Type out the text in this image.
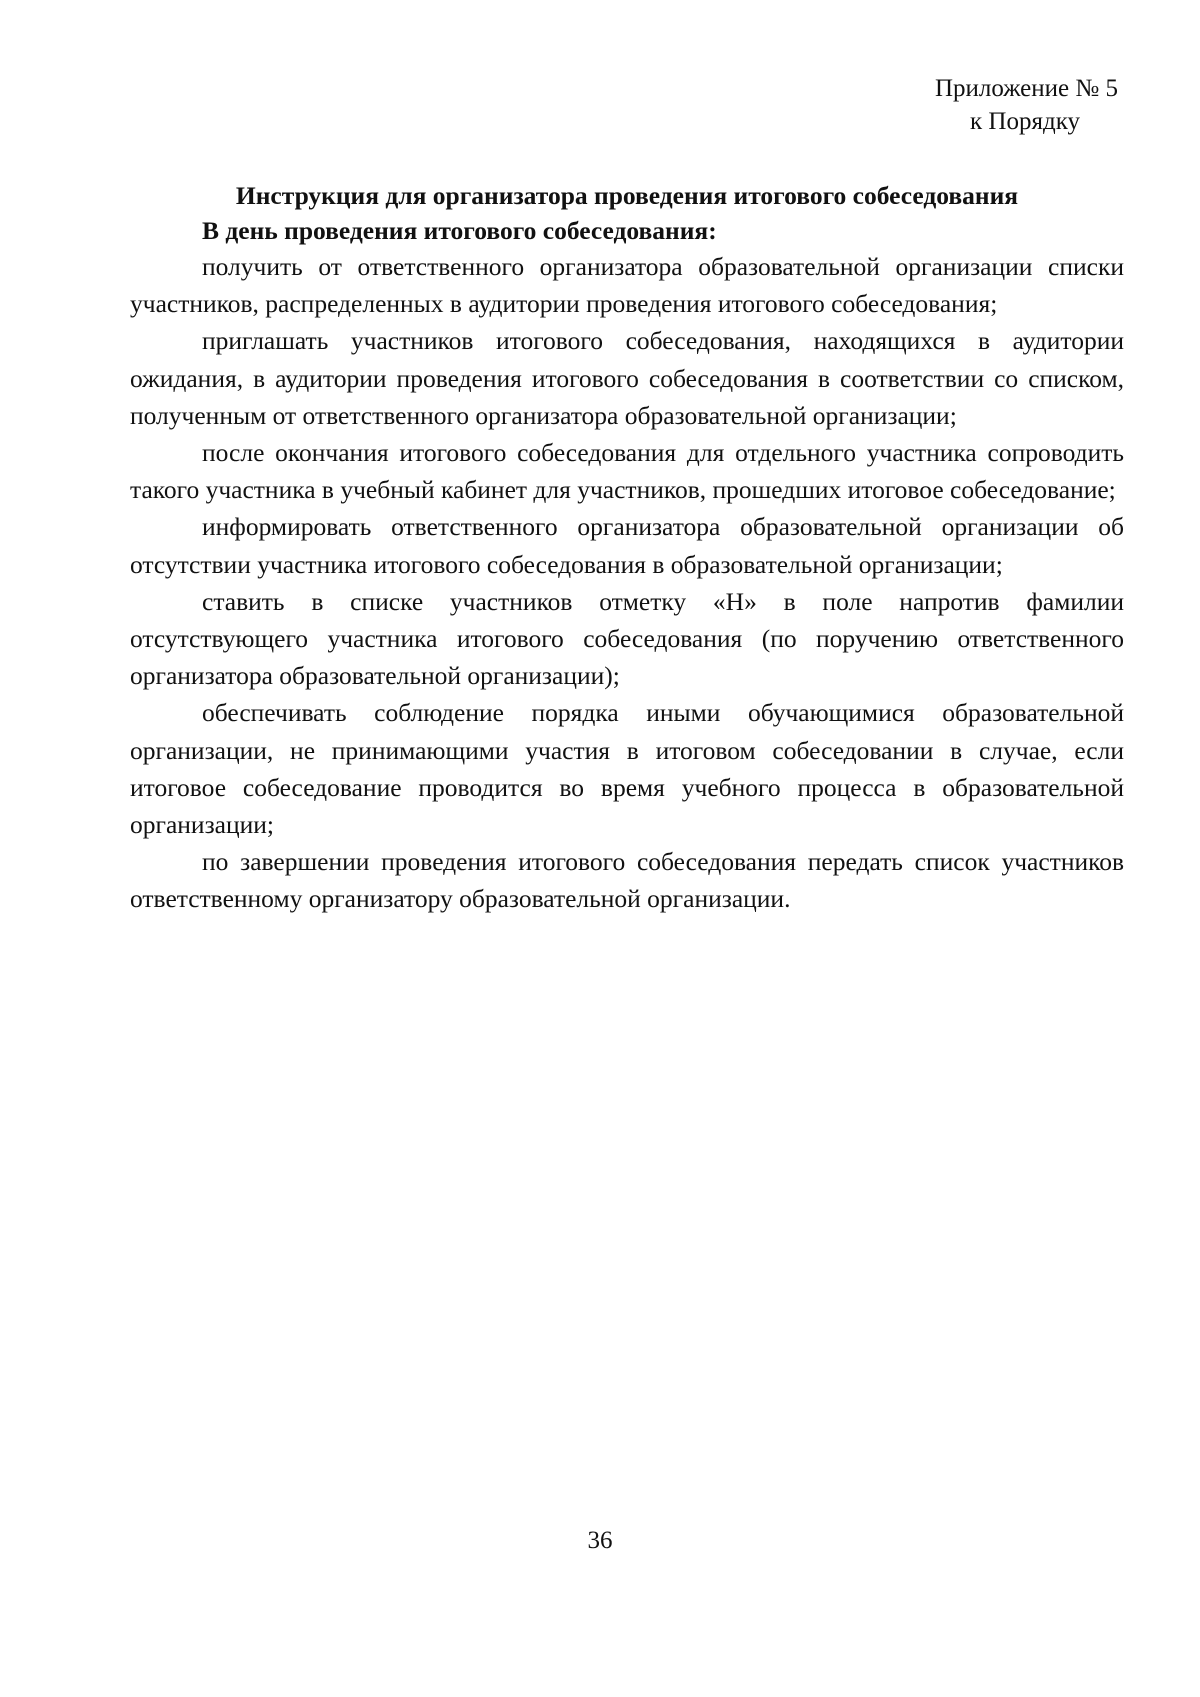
Приложение № 5
к Порядку
Инструкция для организатора проведения итогового собеседования
В день проведения итогового собеседования:

получить от ответственного организатора образовательной организации списки участников, распределенных в аудитории проведения итогового собеседования;

приглашать участников итогового собеседования, находящихся в аудитории ожидания, в аудитории проведения итогового собеседования в соответствии со списком, полученным от ответственного организатора образовательной организации;

после окончания итогового собеседования для отдельного участника сопроводить такого участника в учебный кабинет для участников, прошедших итоговое собеседование;

информировать ответственного организатора образовательной организации об отсутствии участника итогового собеседования в образовательной организации;

ставить в списке участников отметку «Н» в поле напротив фамилии отсутствующего участника итогового собеседования (по поручению ответственного организатора образовательной организации);

обеспечивать соблюдение порядка иными обучающимися образовательной организации, не принимающими участия в итоговом собеседовании в случае, если итоговое собеседование проводится во время учебного процесса в образовательной организации;

по завершении проведения итогового собеседования передать список участников ответственному организатору образовательной организации.

36
